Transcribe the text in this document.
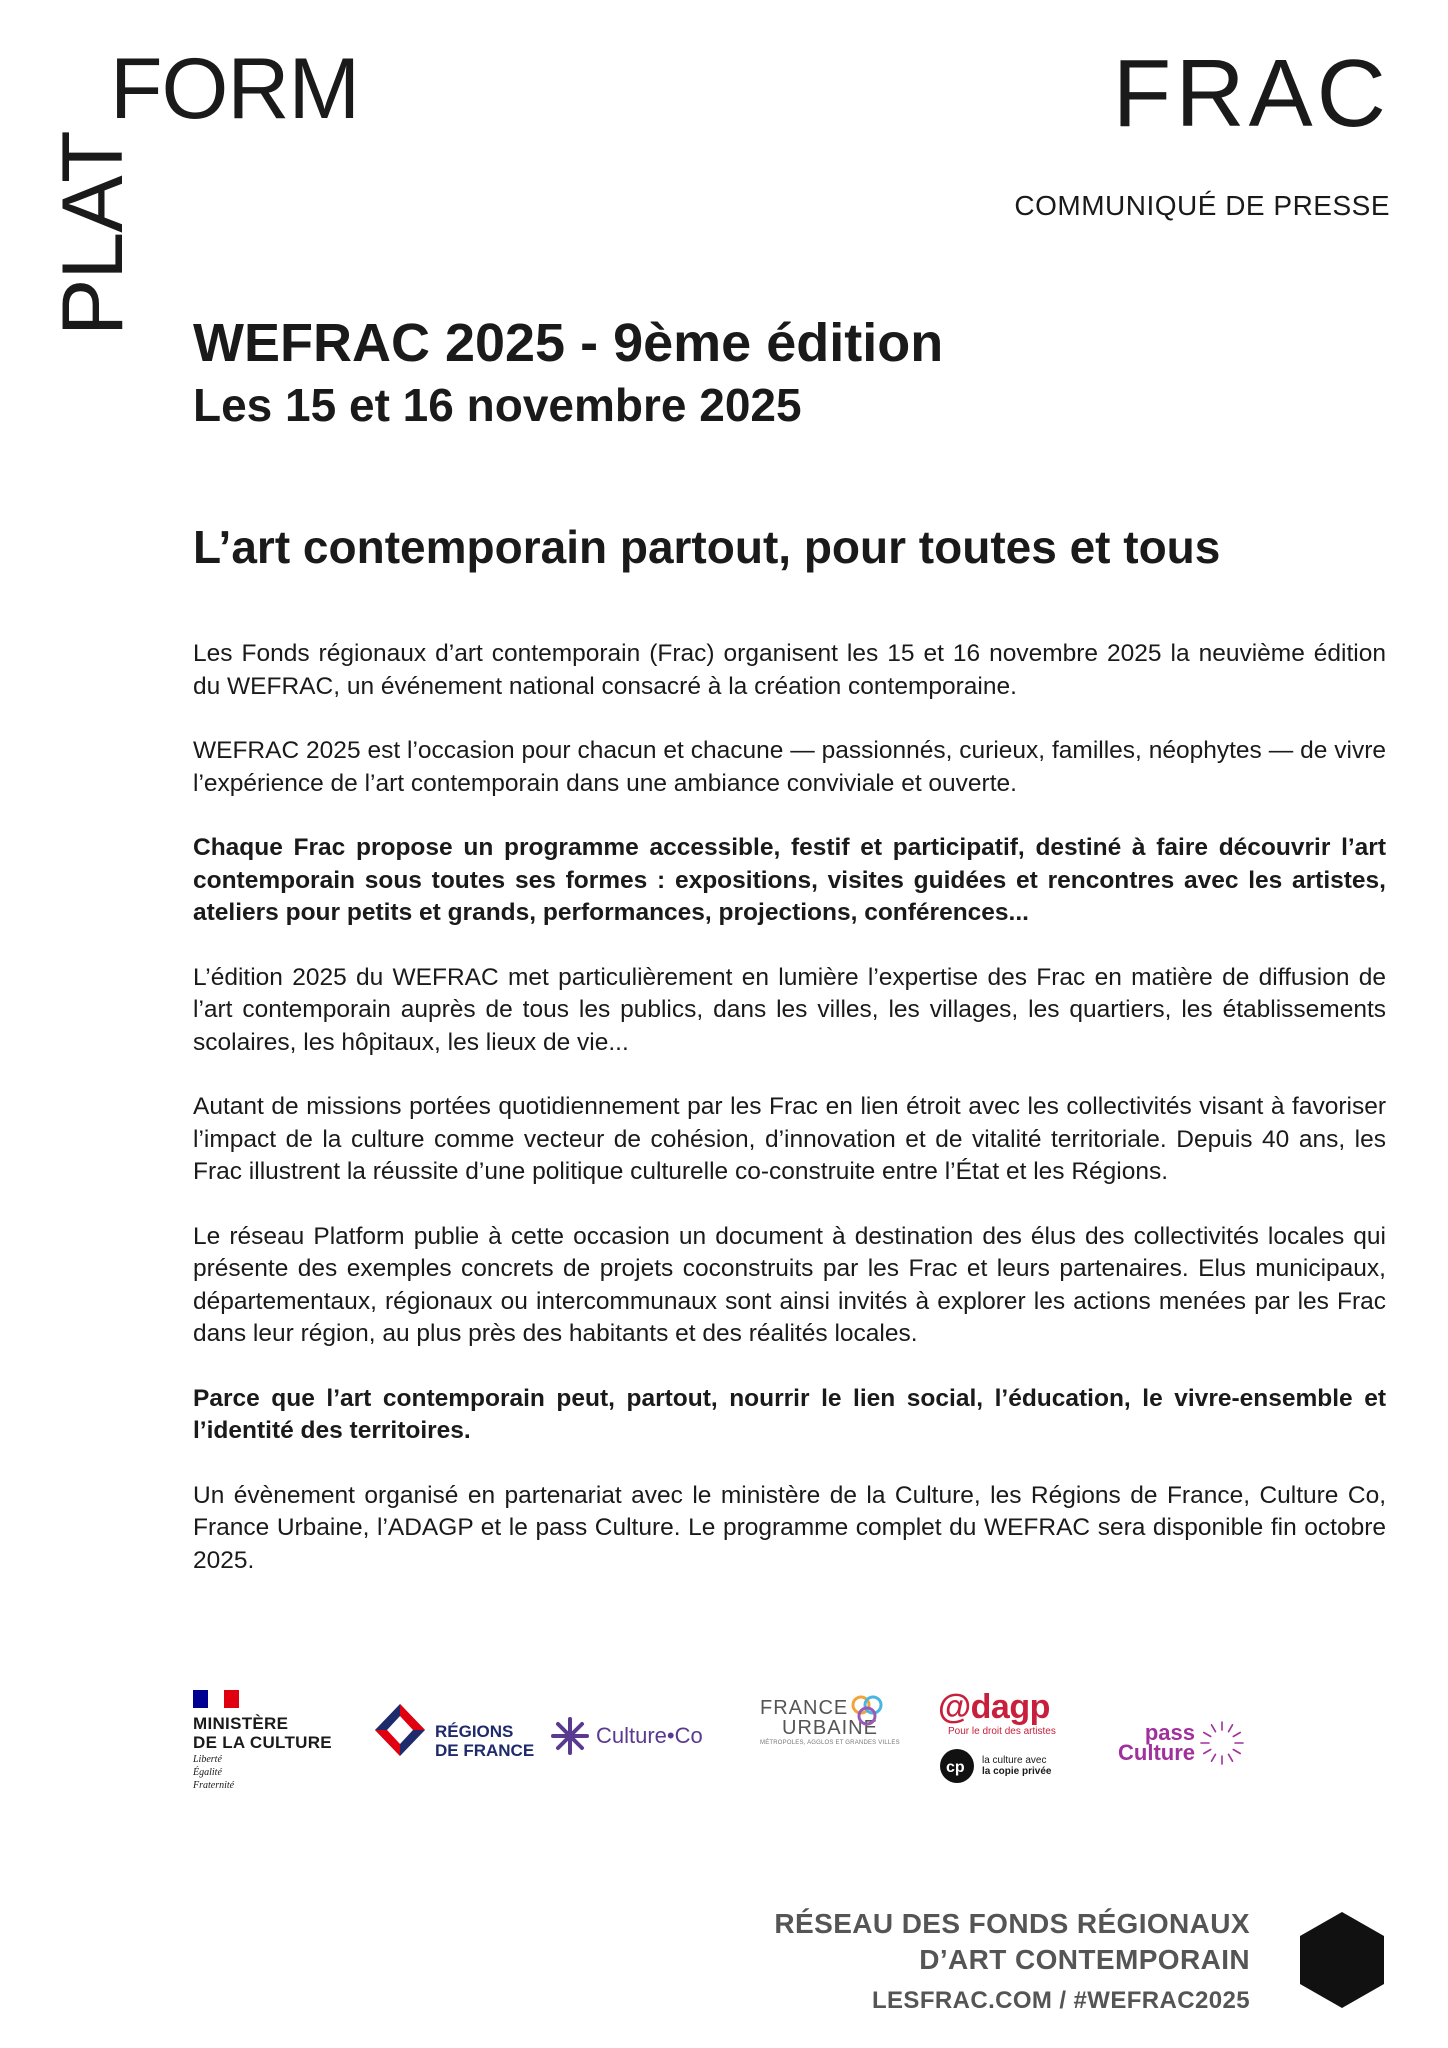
PLAT
FORM	FRAC
COMMUNIQUÉ DE PRESSE
WEFRAC 2025 - 9ème édition
Les 15 et 16 novembre 2025
L’art contemporain partout, pour toutes et tous

Les Fonds régionaux d’art contemporain (Frac) organisent les 15 et 16 novembre 2025 la neuvième édition du WEFRAC, un événement national consacré à la création contemporaine.

WEFRAC 2025 est l’occasion pour chacun et chacune — passionnés, curieux, familles, néophytes — de vivre l’expérience de l’art contemporain dans une ambiance conviviale et ouverte.

Chaque Frac propose un programme accessible, festif et participatif, destiné à faire découvrir l’art contemporain sous toutes ses formes : expositions, visites guidées et rencontres avec les artistes, ateliers pour petits et grands, performances, projections, conférences...

L’édition 2025 du WEFRAC met particulièrement en lumière l’expertise des Frac en matière de diffusion de l’art contemporain auprès de tous les publics, dans les villes, les villages, les quartiers, les établissements scolaires, les hôpitaux, les lieux de vie...

Autant de missions portées quotidiennement par les Frac en lien étroit avec les collectivités visant à favoriser l’impact de la culture comme vecteur de cohésion, d’innovation et de vitalité territoriale. Depuis 40 ans, les Frac illustrent la réussite d’une politique culturelle co-construite entre l’État et les Régions.

Le réseau Platform publie à cette occasion un document à destination des élus des collectivités locales qui présente des exemples concrets de projets coconstruits par les Frac et leurs partenaires. Elus municipaux, départementaux, régionaux ou intercommunaux sont ainsi invités à explorer les actions menées par les Frac dans leur région, au plus près des habitants et des réalités locales.

Parce que l’art contemporain peut, partout, nourrir le lien social, l’éducation, le vivre-ensemble et l’identité des territoires.

Un évènement organisé en partenariat avec le ministère de la Culture, les Régions de France, Culture Co, France Urbaine, l’ADAGP et le pass Culture. Le programme complet du WEFRAC sera disponible fin octobre 2025.

MINISTÈRE
DE LA CULTURE
Liberté
Égalité
Fraternité
RÉGIONS
DE FRANCE
Culture•Co
FRANCE
URBAINE
MÉTROPOLES, AGGLOS ET GRANDES VILLES
@dagp
Pour le droit des artistes
cp la culture avec
la copie privée
pass
Culture
RÉSEAU DES FONDS RÉGIONAUX
D’ART CONTEMPORAIN
LESFRAC.COM / #WEFRAC2025
